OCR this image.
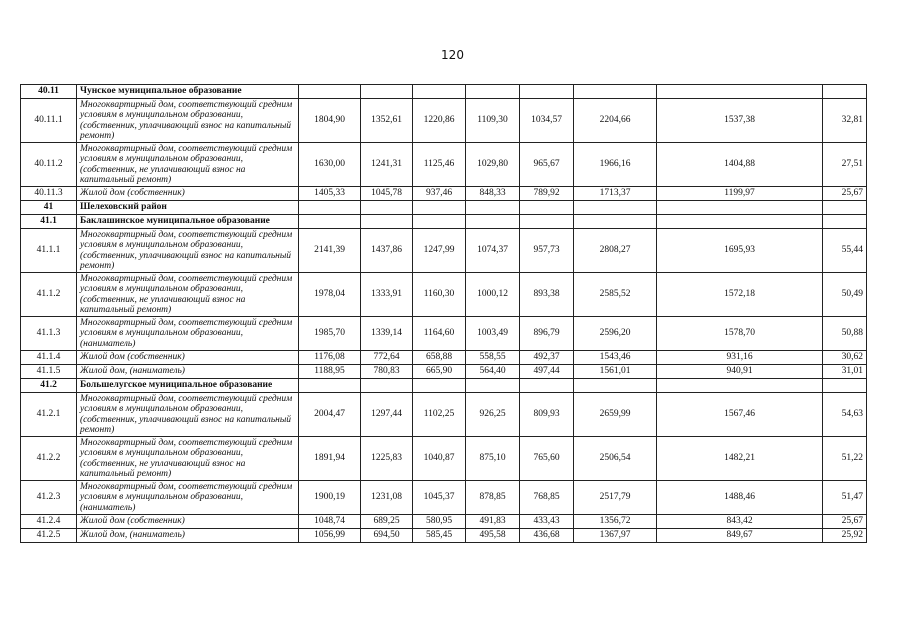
120
40.11	Чунское муниципальное образование								
40.11.1	Многоквартирный дом, соответствующий средним условиям в муниципальном образовании, (собственник, уплачивающий взнос на капитальный ремонт)	1804,90	1352,61	1220,86	1109,30	1034,57	2204,66	1537,38	32,81
40.11.2	Многоквартирный дом, соответствующий средним условиям в муниципальном образовании, (собственник, не уплачивающий взнос на капитальный ремонт)	1630,00	1241,31	1125,46	1029,80	965,67	1966,16	1404,88	27,51
40.11.3	Жилой дом (собственник)	1405,33	1045,78	937,46	848,33	789,92	1713,37	1199,97	25,67
41	Шелеховский район								
41.1	Баклашинское муниципальное образование								
41.1.1	Многоквартирный дом, соответствующий средним условиям в муниципальном образовании, (собственник, уплачивающий взнос на капитальный ремонт)	2141,39	1437,86	1247,99	1074,37	957,73	2808,27	1695,93	55,44
41.1.2	Многоквартирный дом, соответствующий средним условиям в муниципальном образовании, (собственник, не уплачивающий взнос на капитальный ремонт)	1978,04	1333,91	1160,30	1000,12	893,38	2585,52	1572,18	50,49
41.1.3	Многоквартирный дом, соответствующий средним условиям в муниципальном образовании, (наниматель)	1985,70	1339,14	1164,60	1003,49	896,79	2596,20	1578,70	50,88
41.1.4	Жилой дом (собственник)	1176,08	772,64	658,88	558,55	492,37	1543,46	931,16	30,62
41.1.5	Жилой дом, (наниматель)	1188,95	780,83	665,90	564,40	497,44	1561,01	940,91	31,01
41.2	Большелугское муниципальное образование								
41.2.1	Многоквартирный дом, соответствующий средним условиям в муниципальном образовании, (собственник, уплачивающий взнос на капитальный ремонт)	2004,47	1297,44	1102,25	926,25	809,93	2659,99	1567,46	54,63
41.2.2	Многоквартирный дом, соответствующий средним условиям в муниципальном образовании, (собственник, не уплачивающий взнос на капитальный ремонт)	1891,94	1225,83	1040,87	875,10	765,60	2506,54	1482,21	51,22
41.2.3	Многоквартирный дом, соответствующий средним условиям в муниципальном образовании, (наниматель)	1900,19	1231,08	1045,37	878,85	768,85	2517,79	1488,46	51,47
41.2.4	Жилой дом (собственник)	1048,74	689,25	580,95	491,83	433,43	1356,72	843,42	25,67
41.2.5	Жилой дом, (наниматель)	1056,99	694,50	585,45	495,58	436,68	1367,97	849,67	25,92
